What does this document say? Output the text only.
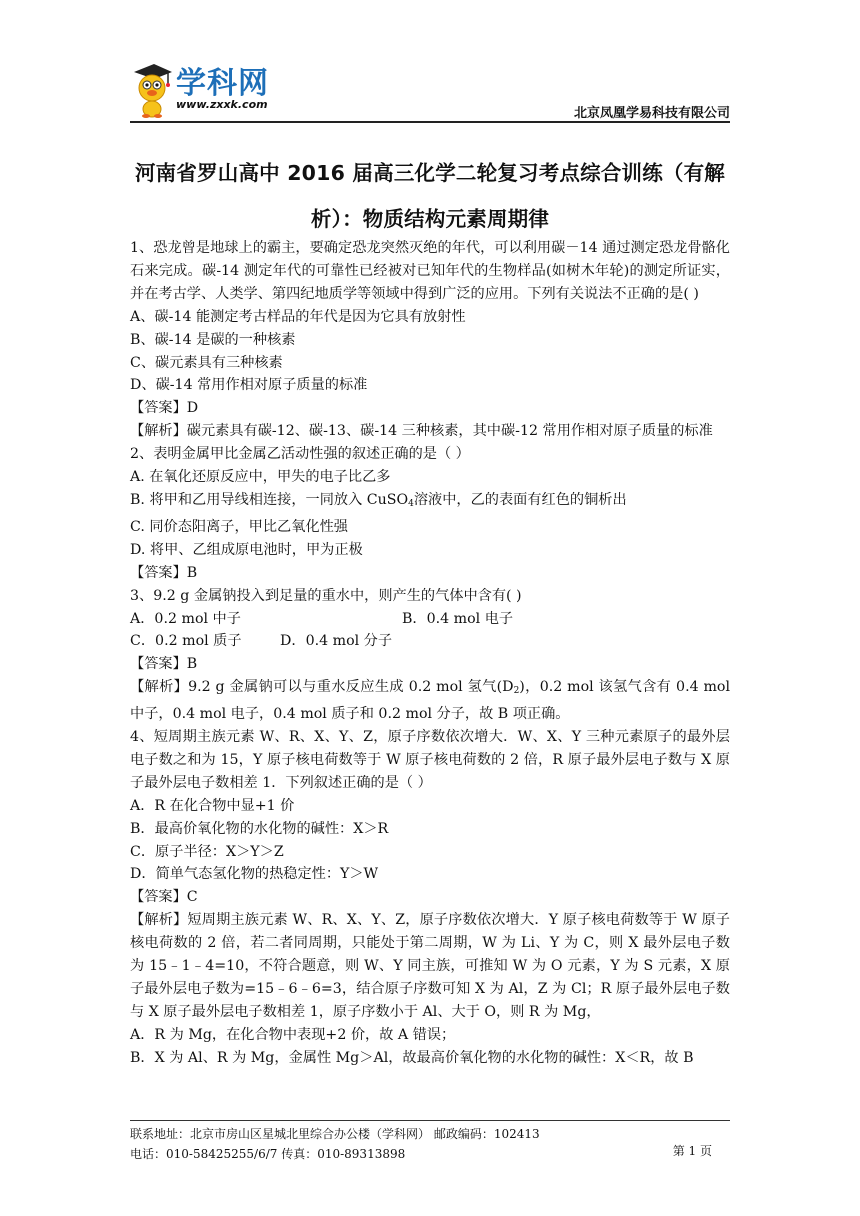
学科网
www.zxxk.com
北京凤凰学易科技有限公司
河南省罗山高中 2016 届高三化学二轮复习考点综合训练（有解
析）：物质结构元素周期律
1、恐龙曾是地球上的霸主，要确定恐龙突然灭绝的年代，可以利用碳－14 通过测定恐龙骨骼化石来完成。碳-14 测定年代的可靠性已经被对已知年代的生物样品(如树木年轮)的测定所证实，并在考古学、人类学、第四纪地质学等领域中得到广泛的应用。下列有关说法不正确的是( )
A、碳-14 能测定考古样品的年代是因为它具有放射性
B、碳-14 是碳的一种核素
C、碳元素具有三种核素
D、碳-14 常用作相对原子质量的标准
【答案】D
【解析】碳元素具有碳-12、碳-13、碳-14 三种核素，其中碳-12 常用作相对原子质量的标准
2、表明金属甲比金属乙活动性强的叙述正确的是（ ）
A. 在氧化还原反应中，甲失的电子比乙多
B. 将甲和乙用导线相连接，一同放入 CuSO$_4$溶液中，乙的表面有红色的铜析出
C. 同价态阳离子，甲比乙氧化性强
D. 将甲、乙组成原电池时，甲为正极
【答案】B
3、9.2 g 金属钠投入到足量的重水中，则产生的气体中含有( )
A．0.2 mol 中子	B．0.4 mol 电子
C．0.2 mol 质子	D．0.4 mol 分子
【答案】B
【解析】9.2 g 金属钠可以与重水反应生成 0.2 mol 氢气$(D_2)$，0.2 mol 该氢气含有 0.4 mol 中子，0.4 mol 电子，0.4 mol 质子和 0.2 mol 分子，故 B 项正确。
4、短周期主族元素 W、R、X、Y、Z，原子序数依次增大．W、X、Y 三种元素原子的最外层电子数之和为 15，Y 原子核电荷数等于 W 原子核电荷数的 2 倍，R 原子最外层电子数与 X 原子最外层电子数相差 1．下列叙述正确的是（ ）
A．R 在化合物中显+1 价
B．最高价氧化物的水化物的碱性：X＞R
C．原子半径：X＞Y＞Z
D．简单气态氢化物的热稳定性：Y＞W
【答案】C
【解析】短周期主族元素 W、R、X、Y、Z，原子序数依次增大．Y 原子核电荷数等于 W 原子核电荷数的 2 倍，若二者同周期，只能处于第二周期，W 为 Li、Y 为 C，则 X 最外层电子数为 15﹣1﹣4=10，不符合题意，则 W、Y 同主族，可推知 W 为 O 元素，Y 为 S 元素，X 原子最外层电子数为=15﹣6﹣6=3，结合原子序数可知 X 为 Al，Z 为 Cl；R 原子最外层电子数与 X 原子最外层电子数相差 1，原子序数小于 Al、大于 O，则 R 为 Mg，
A．R 为 Mg，在化合物中表现+2 价，故 A 错误；
B．X 为 Al、R 为 Mg，金属性 Mg＞Al，故最高价氧化物的水化物的碱性：X＜R，故 B
联系地址：北京市房山区星城北里综合办公楼（学科网） 邮政编码：102413
电话：010-58425255/6/7 传真：010-89313898	第 1 页
